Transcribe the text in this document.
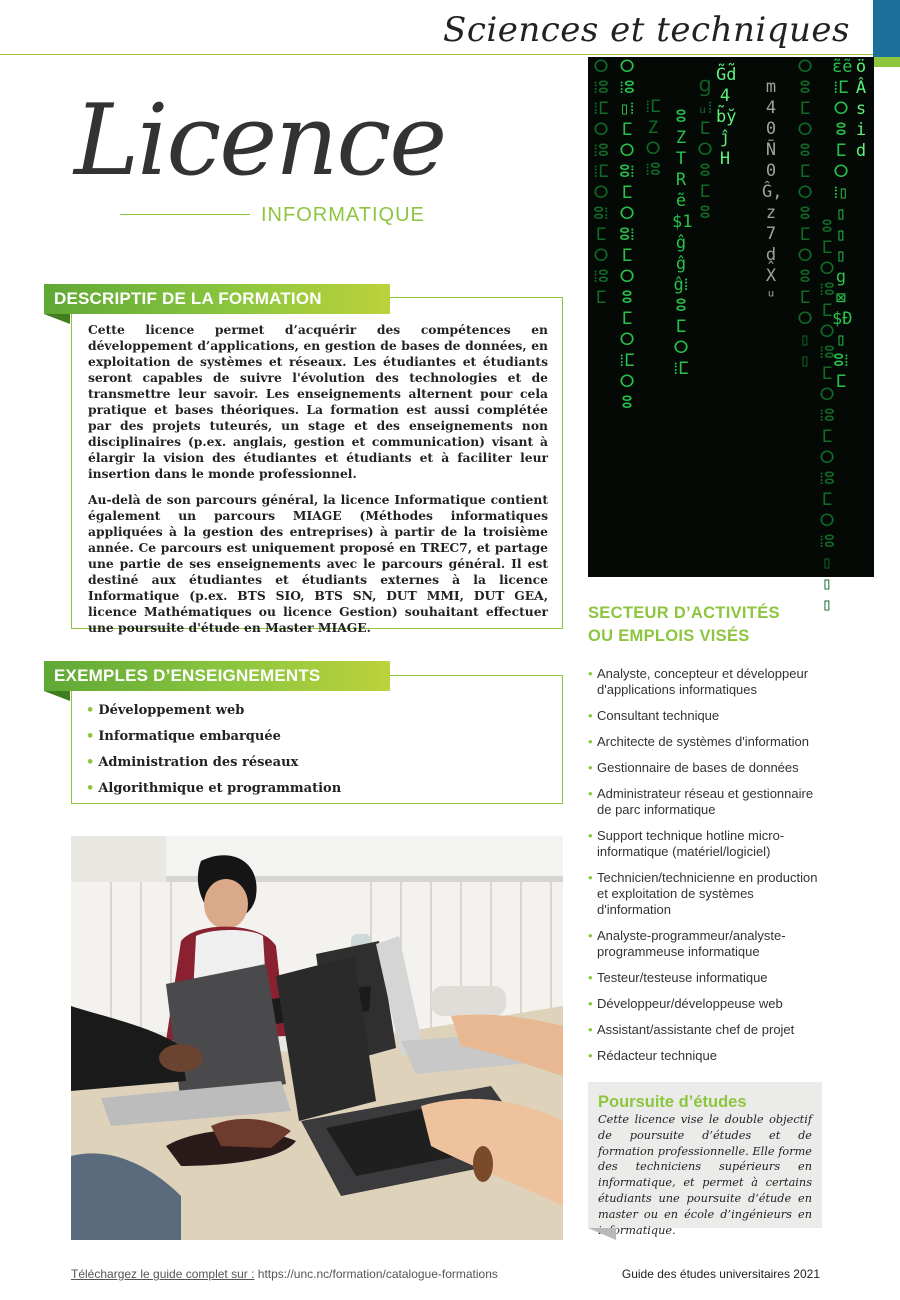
Sciences et techniques
Licence
INFORMATIQUE
ⵔ⁞ⵓ⁞ⵎⵔ⁞ⵓ⁞ⵎⵔⵓ⁞ⵎⵔ⁞ⵓⵎ
ⵔ⁞ⵓ▯⁞ⵎⵔⵓ⁞ⵎⵔⵓ⁞ⵎⵔⵓⵎⵔ⁞ⵎⵔⵓ
⁞ⵎZⵔ⁞ⵓ
ⵓZTRẽ$1ĝĝĝ⁞ⵓⵎⵔ⁞ⵎ
Ɡᵤ⁞ⵎⵔⵓⵎⵓ
G̃d̃4b̃y̆ĵH
m40Ñ0Ĝ,z7ḓXᵘ
ⵔⵓⵎⵔⵓⵎⵔⵓⵎⵔⵓⵎⵔ▯▯
öÂsid
ɛ̃ẽ⁞ⵎⵔⵓⵎⵔ⁞▯▯▯▯g⊠$Ð▯ⵓ⁞ⵎ
ⵓⵎⵔ⁞ⵓⵎⵔ⁞ⵓⵎⵔ⁞ⵓⵎⵔ⁞ⵓⵎⵔ⁞ⵓ▯▯▯

Cette licence permet d’acquérir des compétences en développement d’applications, en gestion de bases de données, en exploitation de systèmes et réseaux. Les étudiantes et étudiants seront capables de suivre l'évolution des technologies et de transmettre leur savoir. Les enseignements alternent pour cela pratique et bases théoriques. La formation est aussi complétée par des projets tuteurés, un stage et des enseignements non disciplinaires (p.ex. anglais, gestion et communication) visant à élargir la vision des étudiantes et étudiants et à faciliter leur insertion dans le monde professionnel.

Au-delà de son parcours général, la licence Informatique contient également un parcours MIAGE (Méthodes informatiques appliquées à la gestion des entreprises) à partir de la troisième année. Ce parcours est uniquement proposé en TREC7, et partage une partie de ses enseignements avec le parcours général. Il est destiné aux étudiantes et étudiants externes à la licence Informatique (p.ex. BTS SIO, BTS SN, DUT MMI, DUT GEA, licence Mathématiques ou licence Gestion) souhaitant effectuer une poursuite d'étude en Master MIAGE.

DESCRIPTIF DE LA FORMATION
• Développement web
• Informatique embarquée
• Administration des réseaux
• Algorithmique et programmation
EXEMPLES D’ENSEIGNEMENTS
SECTEUR D’ACTIVITÉS
OU EMPLOIS VISÉS
• Analyste, concepteur et développeur d'applications informatiques
• Consultant technique
• Architecte de systèmes d'information
• Gestionnaire de bases de données
• Administrateur réseau et gestionnaire de parc informatique
• Support technique hotline micro-informatique (matériel/logiciel)
• Technicien/technicienne en production et exploitation de systèmes d'information
• Analyste-programmeur/analyste-programmeuse informatique
• Testeur/testeuse informatique
• Développeur/développeuse web
• Assistant/assistante chef de projet
• Rédacteur technique
Poursuite d’études
Cette licence vise le double objectif de poursuite d’études et de formation professionnelle. Elle forme des techniciens supérieurs en informatique, et permet à certains étudiants une poursuite d’étude en master ou en école d’ingénieurs en informatique.
Téléchargez le guide complet sur : https://unc.nc/formation/catalogue-formations	Guide des études universitaires 2021
